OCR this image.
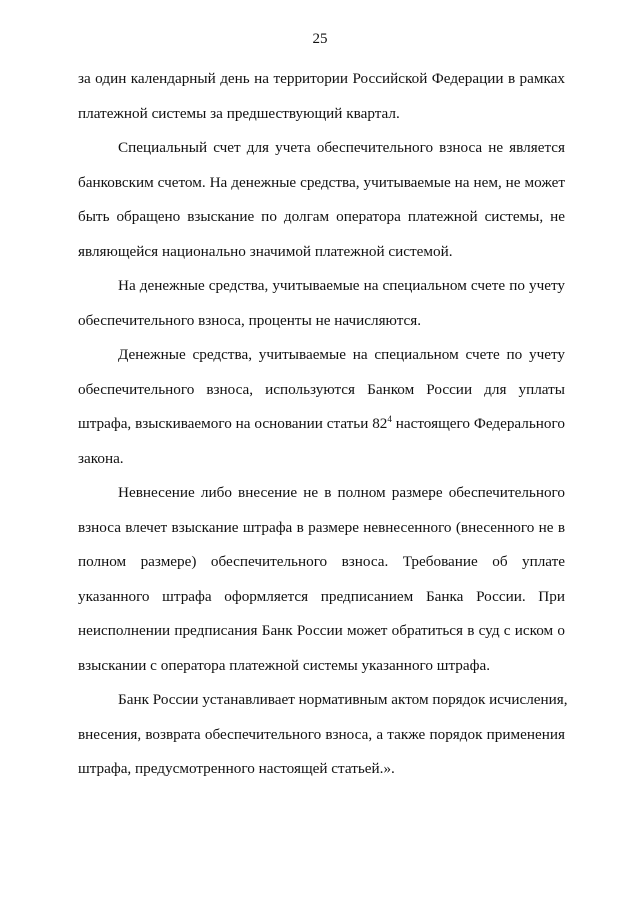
25
за один календарный день на территории Российской Федерации в рамках
платежной системы за предшествующий квартал.
Специальный счет для учета обеспечительного взноса не является
банковским счетом. На денежные средства, учитываемые на нем, не может
быть обращено взыскание по долгам оператора платежной системы, не
являющейся национально значимой платежной системой.
На денежные средства, учитываемые на специальном счете по учету
обеспечительного взноса, проценты не начисляются.
Денежные средства, учитываемые на специальном счете по учету
обеспечительного взноса, используются Банком России для уплаты
штрафа, взыскиваемого на основании статьи $82^4$ настоящего Федерального
закона.
Невнесение либо внесение не в полном размере обеспечительного
взноса влечет взыскание штрафа в размере невнесенного (внесенного не в
полном размере) обеспечительного взноса. Требование об уплате
указанного штрафа оформляется предписанием Банка России. При
неисполнении предписания Банк России может обратиться в суд с иском о
взыскании с оператора платежной системы указанного штрафа.
Банк России устанавливает нормативным актом порядок исчисления,
внесения, возврата обеспечительного взноса, а также порядок применения
штрафа, предусмотренного настоящей статьей.».
